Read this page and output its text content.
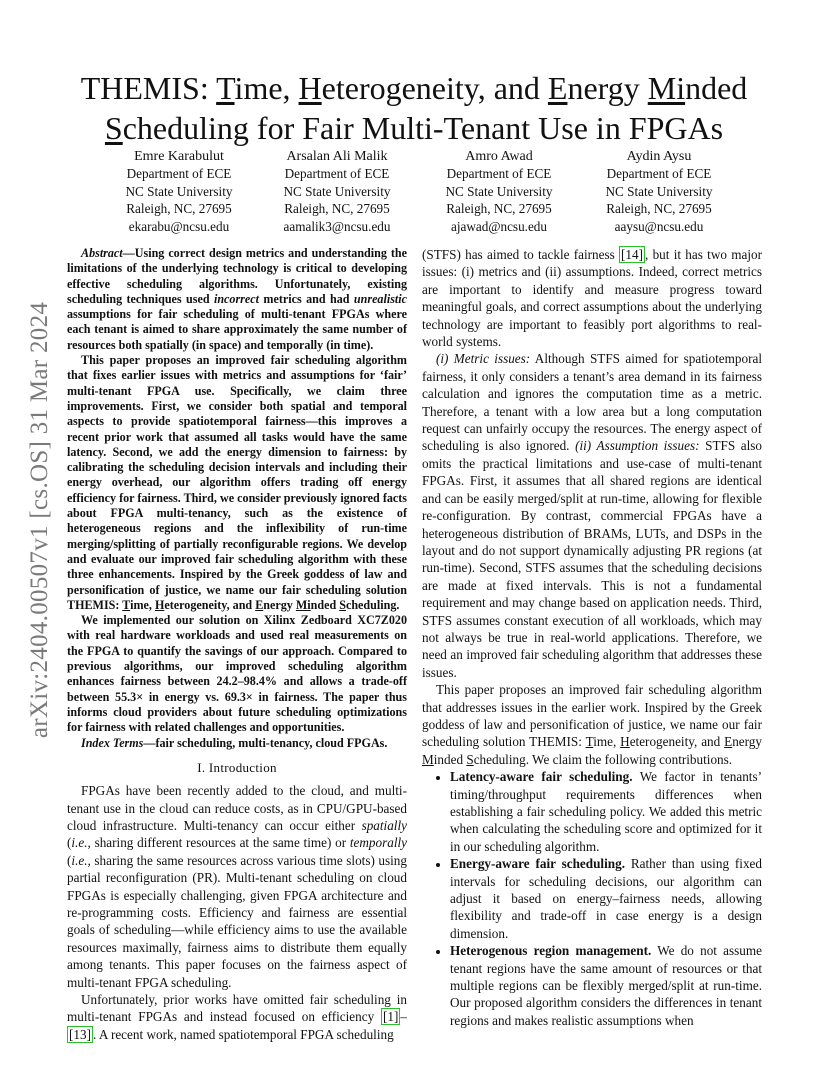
arXiv:2404.00507v1 [cs.OS] 31 Mar 2024
THEMIS: Time, Heterogeneity, and Energy Minded
Scheduling for Fair Multi-Tenant Use in FPGAs
Emre Karabulut
Department of ECE
NC State University
Raleigh, NC, 27695
ekarabu@ncsu.edu
Arsalan Ali Malik
Department of ECE
NC State University
Raleigh, NC, 27695
aamalik3@ncsu.edu
Amro Awad
Department of ECE
NC State University
Raleigh, NC, 27695
ajawad@ncsu.edu
Aydin Aysu
Department of ECE
NC State University
Raleigh, NC, 27695
aaysu@ncsu.edu

Abstract—Using correct design metrics and understanding the limitations of the underlying technology is critical to developing effective scheduling algorithms. Unfortunately, existing scheduling techniques used incorrect metrics and had unrealistic assumptions for fair scheduling of multi-tenant FPGAs where each tenant is aimed to share approximately the same number of resources both spatially (in space) and temporally (in time).

This paper proposes an improved fair scheduling algorithm that fixes earlier issues with metrics and assumptions for ‘fair’ multi-tenant FPGA use. Specifically, we claim three improvements. First, we consider both spatial and temporal aspects to provide spatiotemporal fairness—this improves a recent prior work that assumed all tasks would have the same latency. Second, we add the energy dimension to fairness: by calibrating the scheduling decision intervals and including their energy overhead, our algorithm offers trading off energy efficiency for fairness. Third, we consider previously ignored facts about FPGA multi-tenancy, such as the existence of heterogeneous regions and the inflexibility of run-time merging/splitting of partially reconfigurable regions. We develop and evaluate our improved fair scheduling algorithm with these three enhancements. Inspired by the Greek goddess of law and personification of justice, we name our fair scheduling solution THEMIS: Time, Heterogeneity, and Energy Minded Scheduling.

We implemented our solution on Xilinx Zedboard XC7Z020 with real hardware workloads and used real measurements on the FPGA to quantify the savings of our approach. Compared to previous algorithms, our improved scheduling algorithm enhances fairness between 24.2–98.4% and allows a trade-off between 55.3× in energy vs. 69.3× in fairness. The paper thus informs cloud providers about future scheduling optimizations for fairness with related challenges and opportunities.

Index Terms—fair scheduling, multi-tenancy, cloud FPGAs.

I. Introduction

FPGAs have been recently added to the cloud, and multi-tenant use in the cloud can reduce costs, as in CPU/GPU-based cloud infrastructure. Multi-tenancy can occur either spatially (i.e., sharing different resources at the same time) or temporally (i.e., sharing the same resources across various time slots) using partial reconfiguration (PR). Multi-tenant scheduling on cloud FPGAs is especially challenging, given FPGA architecture and re-programming costs. Efficiency and fairness are essential goals of scheduling—while efficiency aims to use the available resources maximally, fairness aims to distribute them equally among tenants. This paper focuses on the fairness aspect of multi-tenant FPGA scheduling.

Unfortunately, prior works have omitted fair scheduling in multi-tenant FPGAs and instead focused on efficiency [1] –[13] . A recent work, named spatiotemporal FPGA scheduling

(STFS) has aimed to tackle fairness [14] , but it has two major issues: (i) metrics and (ii) assumptions. Indeed, correct metrics are important to identify and measure progress toward meaningful goals, and correct assumptions about the underlying technology are important to feasibly port algorithms to real-world systems.

(i) Metric issues: Although STFS aimed for spatiotemporal fairness, it only considers a tenant’s area demand in its fairness calculation and ignores the computation time as a metric. Therefore, a tenant with a low area but a long computation request can unfairly occupy the resources. The energy aspect of scheduling is also ignored. (ii) Assumption issues: STFS also omits the practical limitations and use-case of multi-tenant FPGAs. First, it assumes that all shared regions are identical and can be easily merged/split at run-time, allowing for flexible re-configuration. By contrast, commercial FPGAs have a heterogeneous distribution of BRAMs, LUTs, and DSPs in the layout and do not support dynamically adjusting PR regions (at run-time). Second, STFS assumes that the scheduling decisions are made at fixed intervals. This is not a fundamental requirement and may change based on application needs. Third, STFS assumes constant execution of all workloads, which may not always be true in real-world applications. Therefore, we need an improved fair scheduling algorithm that addresses these issues.

This paper proposes an improved fair scheduling algorithm that addresses issues in the earlier work. Inspired by the Greek goddess of law and personification of justice, we name our fair scheduling solution THEMIS: Time, Heterogeneity, and Energy Minded Scheduling. We claim the following contributions.

• Latency-aware fair scheduling. We factor in tenants’ timing/throughput requirements differences when establishing a fair scheduling policy. We added this metric when calculating the scheduling score and optimized for it in our scheduling algorithm.
• Energy-aware fair scheduling. Rather than using fixed intervals for scheduling decisions, our algorithm can adjust it based on energy–fairness needs, allowing flexibility and trade-off in case energy is a design dimension.
• Heterogenous region management. We do not assume tenant regions have the same amount of resources or that multiple regions can be flexibly merged/split at run-time. Our proposed algorithm considers the differences in tenant regions and makes realistic assumptions when
